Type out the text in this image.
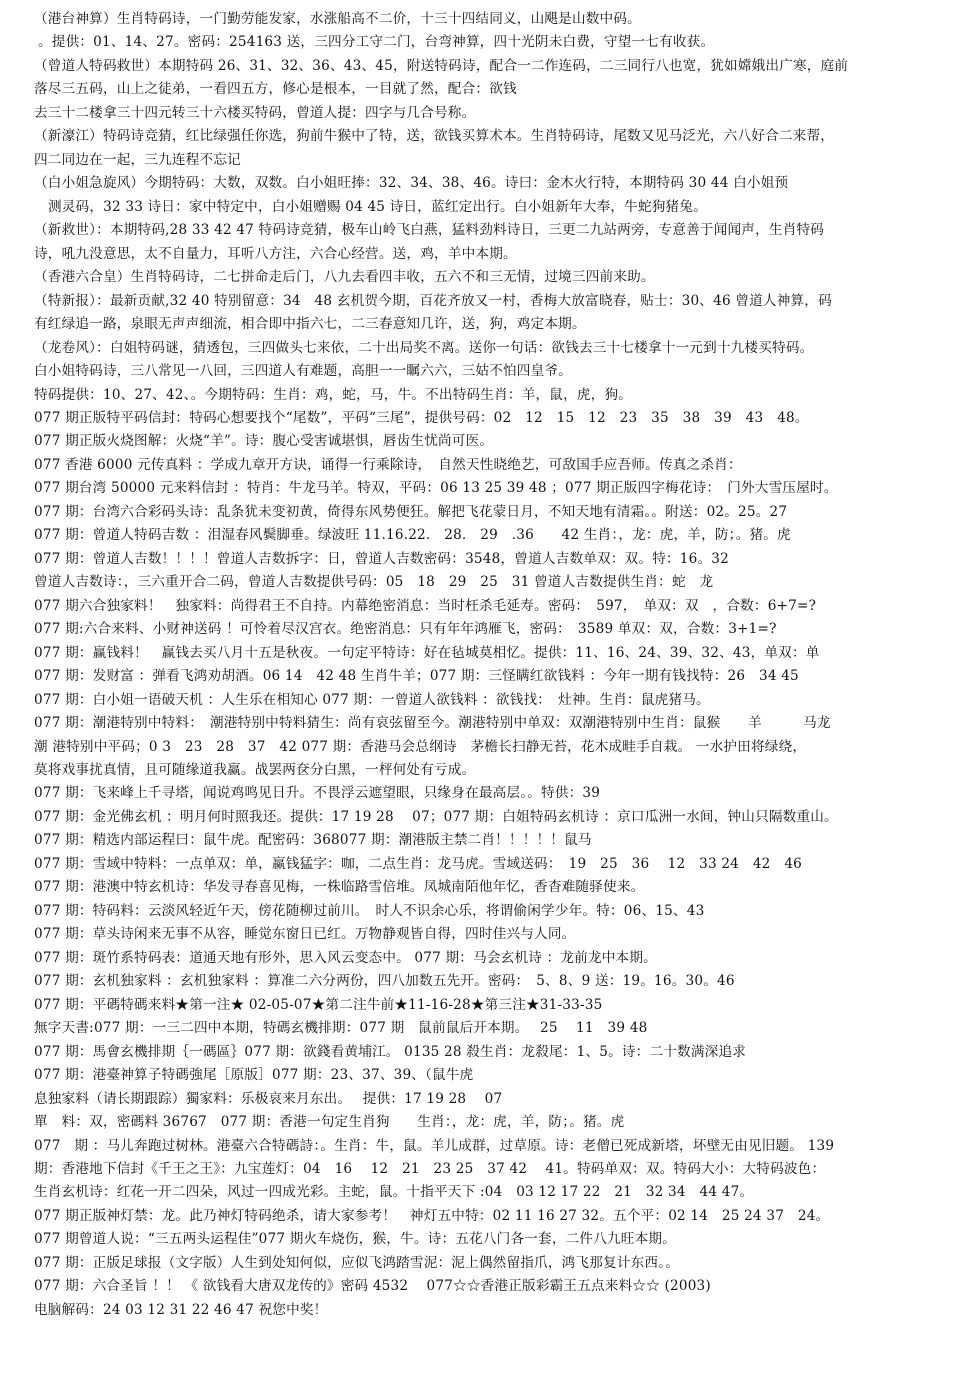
（港台神算）生肖特码诗，一门勤劳能发家，水涨船高不二价，十三十四结同义，山飓是山数中码。
。提供：01、14、27。密码：254163 送，三四分工守二门，台弯神算，四十光阴未白费，守望一七有收获。
（曾道人特码救世）本期特码 26、31、32、36、43、45，附送特码诗，配合一二作连码，二三同行八也宽，犹如嫦娥出广寒，庭前
落尽三五码，山上之徒弟，一看四五方，修心是根本，一目就了然，配合：欲钱
去三十二楼拿三十四元转三十六楼买特码，曾道人提：四字与几合号称。
（新濠江）特码诗竞猜，红比绿强任你选，狗前牛猴中了特，送，欲钱买算术本。生肖特码诗，尾数又见马泛光，六八好合二来帮，
四二同边在一起，三九连程不忘记
（白小姐急旋风）今期特码：大数，双数。白小姐旺捧：32、34、38、46。诗曰：金木火行特，本期特码 30 44 白小姐预
测灵码，32 33 诗日：家中特定中，白小姐赠赐 04 45 诗日，蓝红定出行。白小姐新年大奉，牛蛇狗猪兔。
（新救世）：本期特码,28 33 42 47 特码诗竞猜，极车山岭飞白燕，猛料劲料诗日，三更二九站两旁，专意善于闻闻声，生肖特码
诗，吼九没意思，太不自量力，耳听八方注，六合心经营。送，鸡，羊中本期。
（香港六合皇）生肖特码诗，二七拼命走后门，八九去看四丰收，五六不和三无情，过境三四前来助。
（特新报）：最新贡献,32 40 特别留意：34　48 玄机贺今期，百花齐放又一村，香梅大放富晓春，贴士：30、46 曾道人神算，码
有红绿追一路，泉眼无声声细流，相合即中指六七，二三春意知几许，送，狗，鸡定本期。
（龙卷风）：白姐特码谜，猜透包，三四做头七来依，二十出局奖不离。送你一句话：欲钱去三十七楼拿十一元到十九楼买特码。
白小姐特码诗，三八常见一八回，三四道人有难题，高胆一一瞩六六，三姑不怕四皇爷。
特码提供：10、27、42、。今期特码：生肖：鸡，蛇，马，牛。不出特码生肖：羊，鼠，虎，狗。
077 期正版特平码信封：特码心想要找个“尾数”，平码“三尾”，提供号码：02　12　15　12　23　35　38　39　43　48。
077 期正版火烧图解：火烧“羊”。诗：腹心受害诚堪惧，唇齿生忧尚可医。
077 香港 6000 元传真料 ：学成九章开方诀，诵得一行乘除诗，　自然天性晓绝艺，可敌国手应吾师。传真之杀肖：
077 期台湾 50000 元来料信封 ：特肖：牛龙马羊。特双，平码：06 13 25 39 48 ；077 期正版四字梅花诗：　门外大雪压屋时。
077 期：台湾六合彩码头诗：乱条犹未变初黄，倚得东风势便狂。解把飞花蒙日月，不知天地有清霜。。附送：02。25。27
077 期：曾道人特码吉数 ：泪湿春风鬓脚垂。绿波旺 11.16.22.　28.　29　.36　　42 生肖：，龙：虎，羊，防；。猪。虎
077 期：曾道人吉数！！！！曾道人吉数拆字：日，曾道人吉数密码：3548，曾道人吉数单双：双。特：16。32
曾道人吉数诗：，三六重开合二码，曾道人吉数提供号码：05　18　29　25　31 曾道人吉数提供生肖：蛇　龙
077 期六合独家料！　独家料：尚得君王不自持。内幕绝密消息：当时枉杀毛延寿。密码：　597，　单双：双　，合数：6+7=?
077 期:六合来料、小财神送码 ！可怜着尽汉宫衣。绝密消息：只有年年鸿雁飞，密码：　3589 单双：双，合数：3+1=?
077 期：赢钱料！　赢钱去买八月十五是秋夜。一句定平特诗：好在毡城莫相忆。提供：11、16、24、39、32、43，单双：单
077 期：发财富 ：弹看飞鸿劝胡酒。06 14　42 48 生肖牛羊；077 期：三怪瞒红欲钱料 ：今年一期有钱找特：26　34 45
077 期：白小姐一语破天机 ：人生乐在相知心 077 期：一曾道人欲钱料 ：欲钱找：　灶神。生肖：鼠虎猪马。
077 期：潮港特别中特料：　潮港特别中特料猜生：尚有哀弦留至今。潮港特别中单双：双潮港特别中生肖：鼠猴　　羊　　　马龙
潮 港特别中平码；0 3　23　28　37　42 077 期：香港马会总纲诗　茅檐长扫静无苔，花木成畦手自栽。 一水护田将绿绕，
莫将戏事扰真情，且可随缘道我赢。战罢两奁分白黑，一枰何处有亏成。
077 期：飞来峰上千寻塔，闻说鸡鸣见日升。不畏浮云遮望眼，只缘身在最高层。。特供：39
077 期：金光佛玄机 ：明月何时照我还。提供：17 19 28　 07；077 期：白姐特码玄机诗 ：京口瓜洲一水间，钟山只隔数重山。
077 期：精选内部运程曰：鼠牛虎。配密码：368077 期：潮港版主禁二肖！！！！！鼠马
077 期：雪域中特料：一点单双：单，赢钱猛字：咖，二点生肖：龙马虎。雪域送码：　19　25　36　 12　33 24　42　46
077 期：港澳中特玄机诗：华发寻春喜见梅，一株临路雪倍堆。凤城南陌他年忆，香杳难随驿使来。
077 期：特码料：云淡风轻近午天，傍花随柳过前川。　时人不识余心乐，将谓偷闲学少年。特：06、15、43
077 期：草头诗闲来无事不从容，睡觉东窗日已红。万物静观皆自得，四时佳兴与人同。
077 期：斑竹系特码表：道通天地有形外，思入风云变态中。 077 期：马会玄机诗 ：龙前龙中本期。
077 期：玄机独家料 ：玄机独家料 ：算准二六分两份，四八加数五先开。密码：　5、8、9 送：19。16。30。46
077 期：平碼特碼来料★第一注★ 02-05-07★第二注牛前★11-16-28★第三注★31-33-35
無字天書:077 期：一三二四中本期，特碼玄機排期：077 期　鼠前鼠后开本期。　 25　 11　39 48
077 期：馬會玄機排期｛一碼區｝077 期：欲錢看黄埔江。 0135 28 殺生肖：龙殺尾：1、5。诗：二十数满深追求
077 期：港臺神算子特碼強尾［原版］077 期：23、37、39、（鼠牛虎
息独家料（请长期跟踪）獨家料：乐极哀来月东出。　 提供：17 19 28　 07
單　料：双，密碼料 36767　077 期：香港一句定生肖狗　　生肖：，龙：虎，羊，防；。猪。虎
077　期 ：马儿奔跑过树林。港臺六合特碼詩：。生肖：牛，鼠。羊儿成群，过草原。诗：老僧已死成新塔，坏壁无由见旧题。 139
期：香港地下信封《千王之王》：九宝莲灯：04　16　 12　21　23 25　37 42　 41。特码单双：双。特码大小：大特码波色：
生肖玄机诗：红花一开二四朵，风过一四成光彩。主蛇，鼠。十指平天下 :04　03 12 17 22　21　32 34　44 47。
077 期正版神灯禁：龙。此乃神灯特码绝杀，请大家参考！　神灯五中特：02 11 16 27 32。五个平：02 14　25 24 37　24。
077 期曾道人说：“三五两头运程佳”077 期火车烧伤，猴，牛。诗：五花八门各一套，二件八九旺本期。
077 期：正版足球报（文字版）人生到处知何似，应似飞鸿踏雪泥：泥上偶然留指爪，鸿飞那复计东西。。
077 期：六合圣旨 ！！ 《 欲钱看大唐双龙传的》密码 4532　 077☆☆香港正版彩霸王五点来料☆☆ (2003)
电脑解码：24 03 12 31 22 46 47 祝您中奖！
